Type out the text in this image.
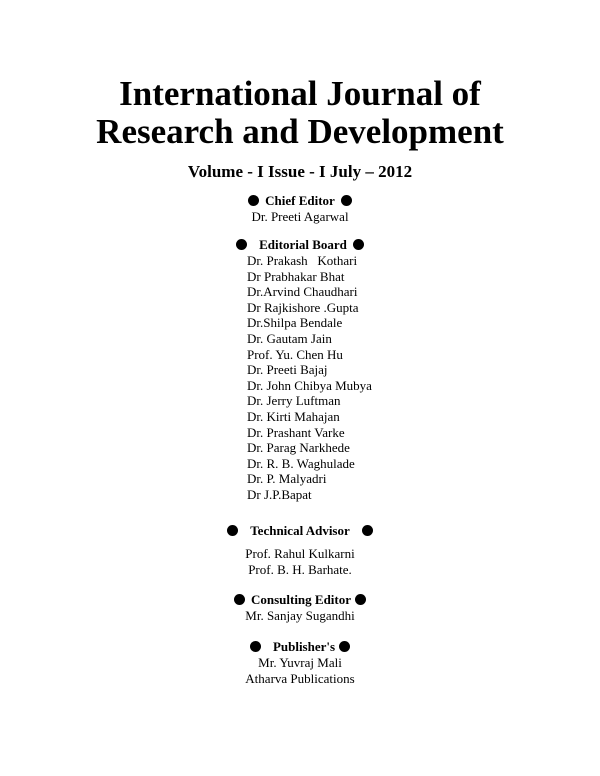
International Journal of
Research and Development
Volume - I Issue - I July – 2012
Chief Editor
Dr. Preeti Agarwal
Editorial Board
Dr. Prakash   Kothari
Dr Prabhakar Bhat
Dr.Arvind Chaudhari
Dr Rajkishore .Gupta
Dr.Shilpa Bendale
Dr. Gautam Jain
Prof. Yu. Chen Hu
Dr. Preeti Bajaj
Dr. John Chibya Mubya
Dr. Jerry Luftman
Dr. Kirti Mahajan
Dr. Prashant Varke
Dr. Parag Narkhede
Dr. R. B. Waghulade
Dr. P. Malyadri
Dr J.P.Bapat
Technical Advisor
Prof. Rahul Kulkarni
Prof. B. H. Barhate.
Consulting Editor
Mr. Sanjay Sugandhi
Publisher's
Mr. Yuvraj Mali
Atharva Publications
